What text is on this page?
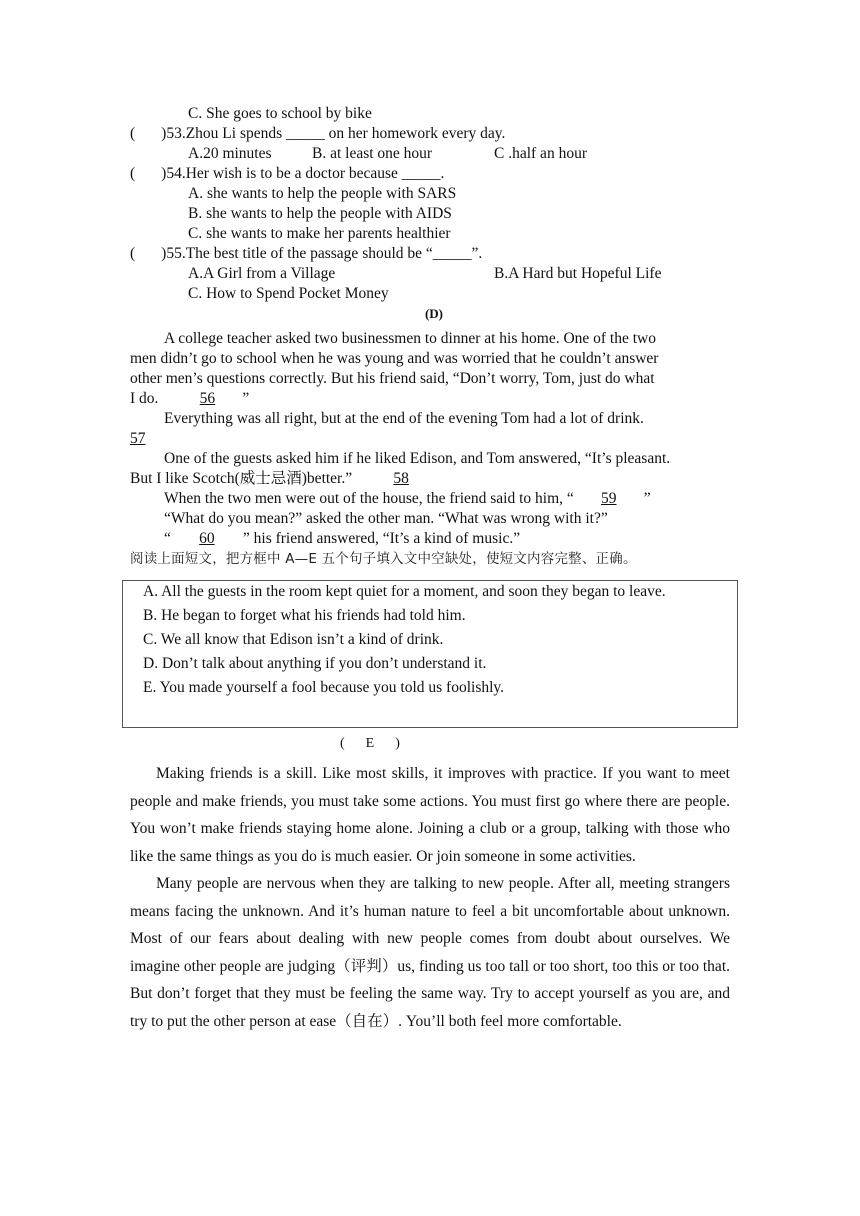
C. She goes to school by bike
( )53.Zhou Li spends _____ on her homework every day.
A.20 minutes	B. at least one hour	C .half an hour
( )54.Her wish is to be a doctor because _____.
A. she wants to help the people with SARS
B. she wants to help the people with AIDS
C. she wants to make her parents healthier
( )55.The best title of the passage should be “_____”.
A.A Girl from a Village	B.A Hard but Hopeful Life
C. How to Spend Pocket Money
(D)
A college teacher asked two businessmen to dinner at his home. One of the two
men didn’t go to school when he was young and was worried that he couldn’t answer
other men’s questions correctly. But his friend said, “Don’t worry, Tom, just do what
I do.	56 ”
Everything was all right, but at the end of the evening Tom had a lot of drink.
57
One of the guests asked him if he liked Edison, and Tom answered, “It’s pleasant.
But I like Scotch(威士忌酒)better.”	58
When the two men were out of the house, the friend said to him, “ 59 ”
“What do you mean?” asked the other man. “What was wrong with it?”
“ 60 ” his friend answered, “It’s a kind of music.”
阅读上面短文，把方框中 A—E 五个句子填入文中空缺处，使短文内容完整、正确。
A. All the guests in the room kept quiet for a moment, and soon they began to leave.
B. He began to forget what his friends had told him.
C. We all know that Edison isn’t a kind of drink.
D. Don’t talk about anything if you don’t understand it.
E. You made yourself a fool because you told us foolishly.
(      E      )

Making friends is a skill. Like most skills, it improves with practice. If you want to meet people and make friends, you must take some actions. You must first go where there are people. You won’t make friends staying home alone. Joining a club or a group, talking with those who like the same things as you do is much easier. Or join someone in some activities.

Many people are nervous when they are talking to new people. After all, meeting strangers means facing the unknown. And it’s human nature to feel a bit uncomfortable about unknown. Most of our fears about dealing with new people comes from doubt about ourselves. We imagine other people are judging（评判）us, finding us too tall or too short, too this or too that. But don’t forget that they must be feeling the same way. Try to accept yourself as you are, and try to put the other person at ease（自在）. You’ll both feel more comfortable.
